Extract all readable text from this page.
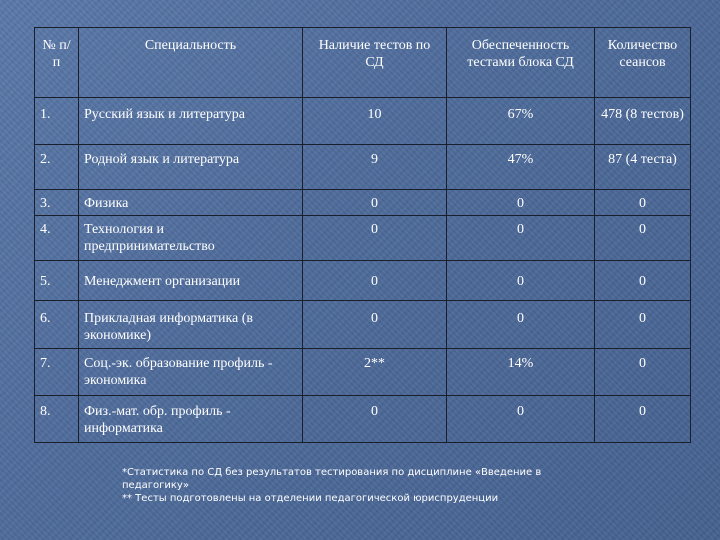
№ п/п	Специальность	Наличие тестов по СД	Обеспеченность тестами блока СД	Количество сеансов
1.	Русский язык и литература	10	67%	478 (8 тестов)
2.	Родной язык и литература	9	47%	87 (4 теста)
3.	Физика	0	0	0
4.	Технология и предпринимательство	0	0	0
5.	Менеджмент организации	0	0	0
6.	Прикладная информатика (в экономике)	0	0	0
7.	Соц.-эк. образование профиль - экономика	2**	14%	0
8.	Физ.-мат. обр. профиль - информатика	0	0	0
*Статистика по СД без результатов тестирования по дисциплине «Введение в педагогику»
** Тесты подготовлены на отделении педагогической юриспруденции
